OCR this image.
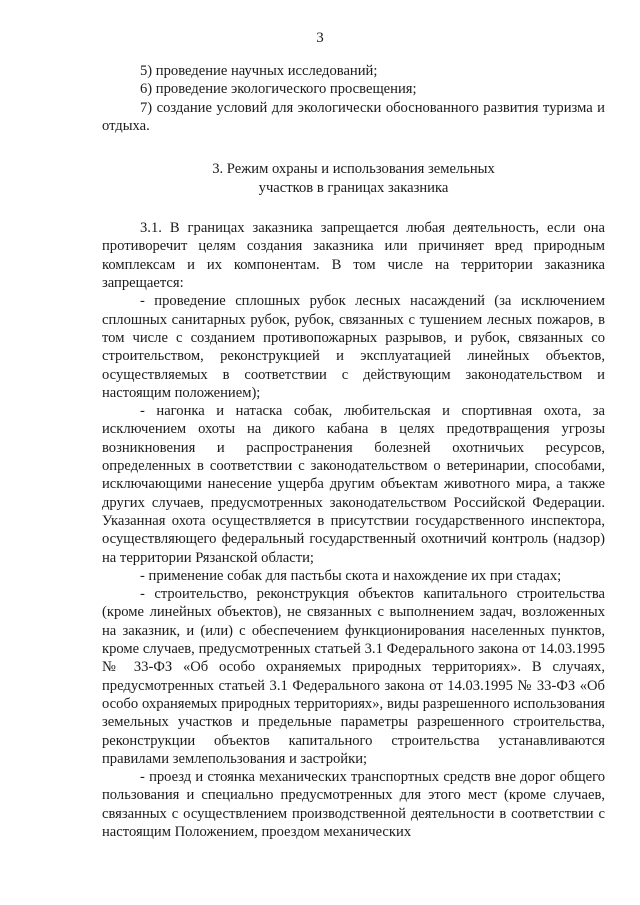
3

5) проведение научных исследований;

6) проведение экологического просвещения;

7) создание условий для экологически обоснованного развития туризма и отдыха.

3. Режим охраны и использования земельных
участков в границах заказника

3.1. В границах заказника запрещается любая деятельность, если она противоречит целям создания заказника или причиняет вред природным комплексам и их компонентам. В том числе на территории заказника запрещается:

- проведение сплошных рубок лесных насаждений (за исключением сплошных санитарных рубок, рубок, связанных с тушением лесных пожаров, в том числе с созданием противопожарных разрывов, и рубок, связанных со строительством, реконструкцией и эксплуатацией линейных объектов, осуществляемых в соответствии с действующим законодательством и настоящим положением);

- нагонка и натаска собак, любительская и спортивная охота, за исключением охоты на дикого кабана в целях предотвращения угрозы возникновения и распространения болезней охотничьих ресурсов, определенных в соответствии с законодательством о ветеринарии, способами, исключающими нанесение ущерба другим объектам животного мира, а также других случаев, предусмотренных законодательством Российской Федерации. Указанная охота осуществляется в присутствии государственного инспектора, осуществляющего федеральный государственный охотничий контроль (надзор) на территории Рязанской области;

- применение собак для пастьбы скота и нахождение их при стадах;

- строительство, реконструкция объектов капитального строительства (кроме линейных объектов), не связанных с выполнением задач, возложенных на заказник, и (или) с обеспечением функционирования населенных пунктов, кроме случаев, предусмотренных статьей 3.1 Федерального закона от 14.03.1995 № 33-ФЗ «Об особо охраняемых природных территориях». В случаях, предусмотренных статьей 3.1 Федерального закона от 14.03.1995 № 33-ФЗ «Об особо охраняемых природных территориях», виды разрешенного использования земельных участков и предельные параметры разрешенного строительства, реконструкции объектов капитального строительства устанавливаются правилами землепользования и застройки;

- проезд и стоянка механических транспортных средств вне дорог общего пользования и специально предусмотренных для этого мест (кроме случаев, связанных с осуществлением производственной деятельности в соответствии с настоящим Положением, проездом механических
